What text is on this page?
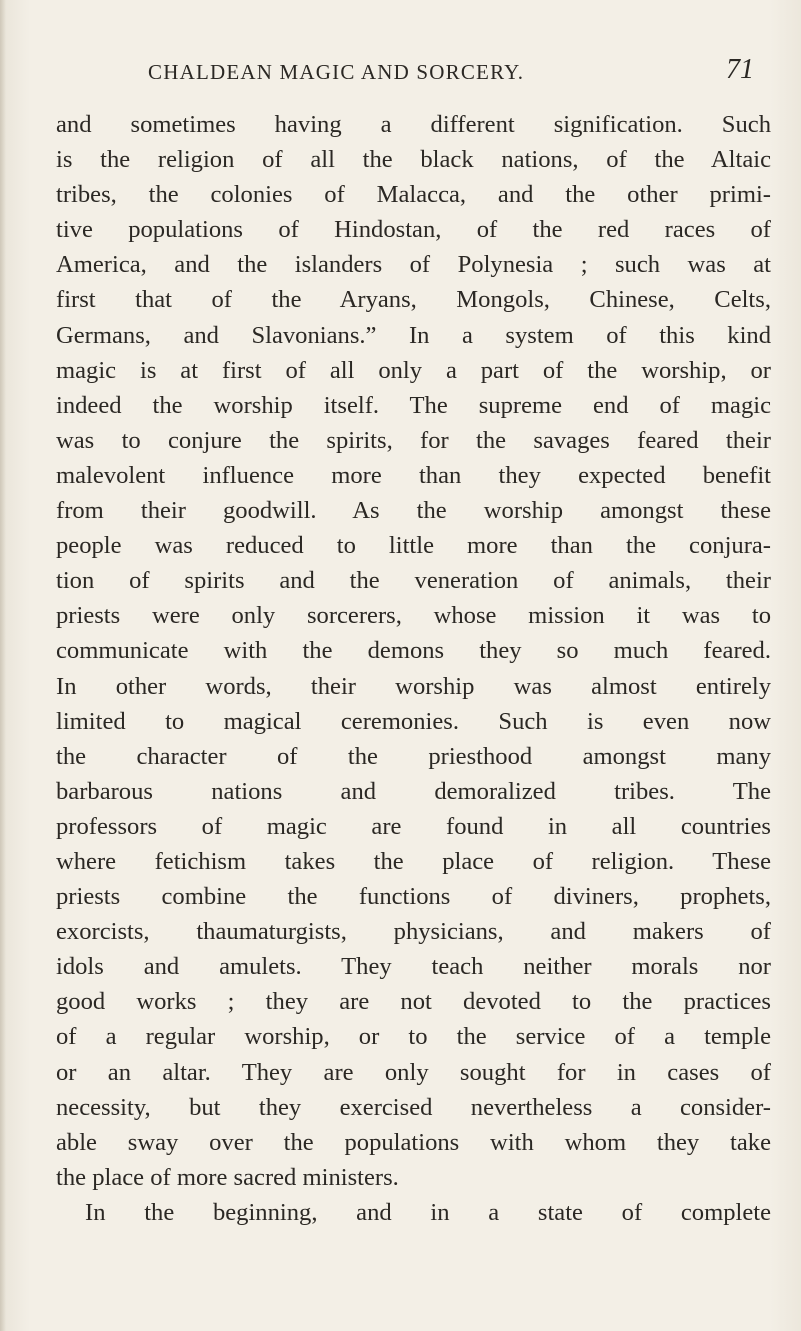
CHALDEAN MAGIC AND SORCERY.	71
and sometimes having a different signification. Such
is the religion of all the black nations, of the Altaic
tribes, the colonies of Malacca, and the other primi-
tive populations of Hindostan, of the red races of
America, and the islanders of Polynesia ; such was at
first that of the Aryans, Mongols, Chinese, Celts,
Germans, and Slavonians.” In a system of this kind
magic is at first of all only a part of the worship, or
indeed the worship itself. The supreme end of magic
was to conjure the spirits, for the savages feared their
malevolent influence more than they expected benefit
from their goodwill. As the worship amongst these
people was reduced to little more than the conjura-
tion of spirits and the veneration of animals, their
priests were only sorcerers, whose mission it was to
communicate with the demons they so much feared.
In other words, their worship was almost entirely
limited to magical ceremonies. Such is even now
the character of the priesthood amongst many
barbarous nations and demoralized tribes. The
professors of magic are found in all countries
where fetichism takes the place of religion. These
priests combine the functions of diviners, prophets,
exorcists, thaumaturgists, physicians, and makers of
idols and amulets. They teach neither morals nor
good works ; they are not devoted to the practices
of a regular worship, or to the service of a temple
or an altar. They are only sought for in cases of
necessity, but they exercised nevertheless a consider-
able sway over the populations with whom they take
the place of more sacred ministers.
In the beginning, and in a state of complete
